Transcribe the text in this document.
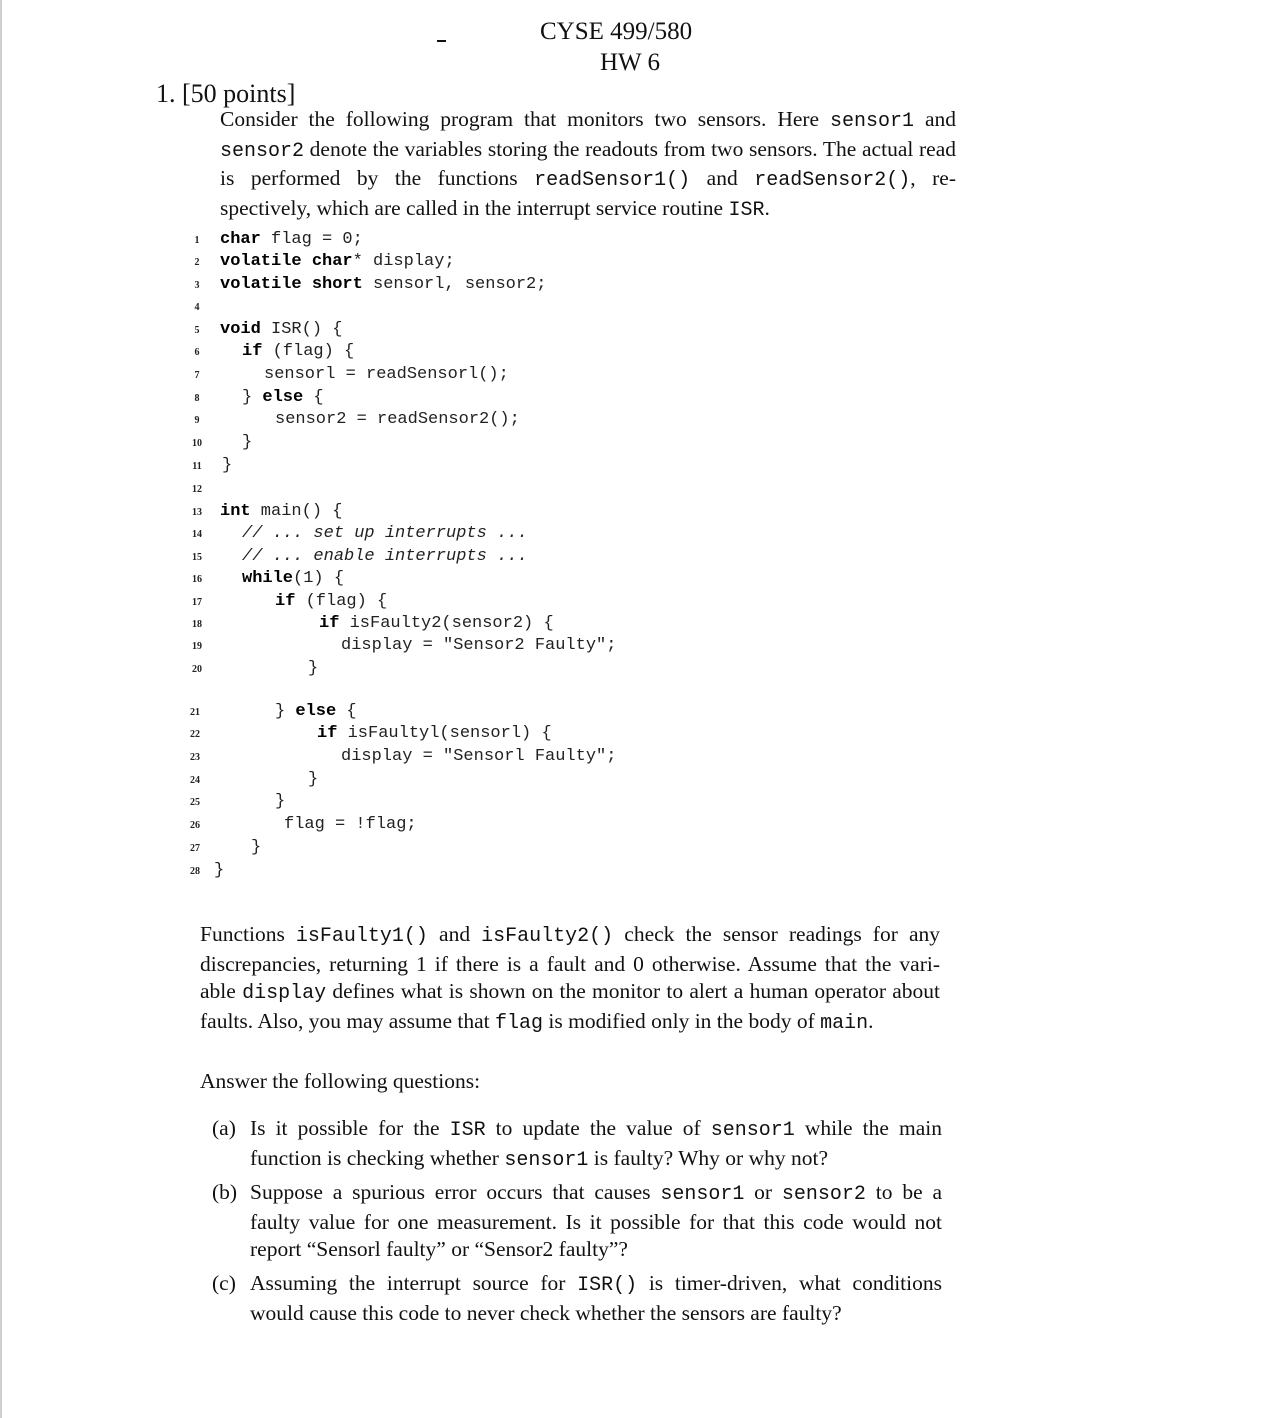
CYSE 499/580
HW 6
1. [50 points]
Consider the following program that monitors two sensors. Here sensor1 and sensor2 denote the variables storing the readouts from two sensors. The actual read is performed by the functions readSensor1() and readSensor2(), re- spectively, which are called in the interrupt service routine ISR.
1	char flag = 0;
2	volatile char* display;
3	volatile short sensorl, sensor2;
4
5	void ISR() {
6	if (flag) {
7	sensorl = readSensorl();
8	} else {
9	sensor2 = readSensor2();
10	}
11	}
12
13	int main() {
14	// ... set up interrupts ...
15	// ... enable interrupts ...
16	while(1) {
17	if (flag) {
18	if isFaulty2(sensor2) {
19	display = "Sensor2 Faulty";
20	}
21	} else {
22	if isFaultyl(sensorl) {
23	display = "Sensorl Faulty";
24	}
25	}
26	flag = !flag;
27	}
28 }
Functions isFaulty1() and isFaulty2() check the sensor readings for any discrepancies, returning 1 if there is a fault and 0 otherwise. Assume that the vari- able display defines what is shown on the monitor to alert a human operator about faults. Also, you may assume that flag is modified only in the body of main.
Answer the following questions:
(a) Is it possible for the ISR to update the value of sensor1 while the main function is checking whether sensor1 is faulty? Why or why not?
(b) Suppose a spurious error occurs that causes sensor1 or sensor2 to be a faulty value for one measurement. Is it possible for that this code would not report “Sensorl faulty” or “Sensor2 faulty”?
(c) Assuming the interrupt source for ISR() is timer-driven, what conditions would cause this code to never check whether the sensors are faulty?
